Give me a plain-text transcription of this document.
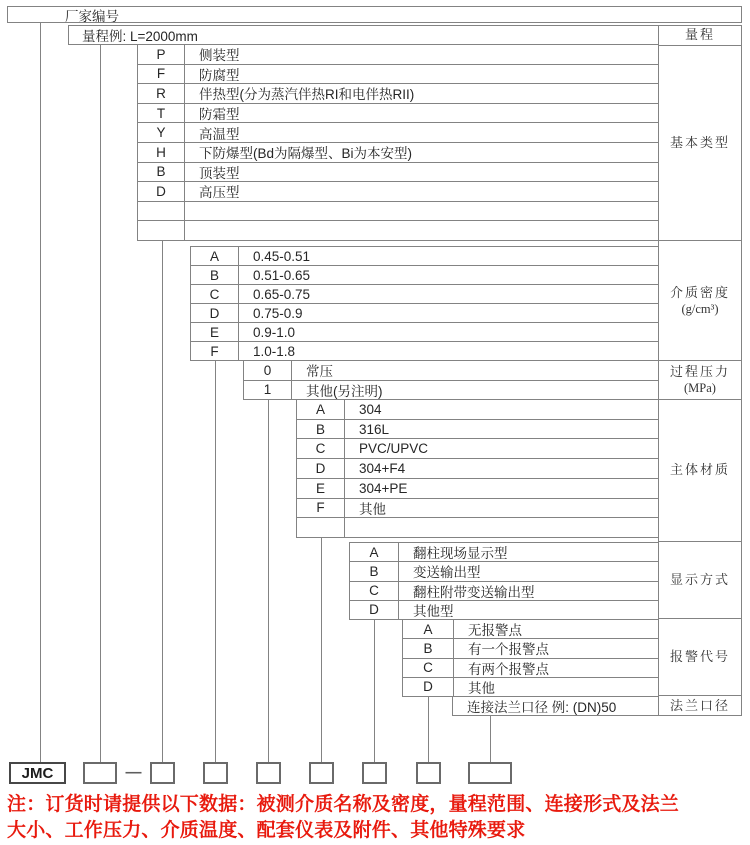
厂家编号
量程例: L=2000mm
P	侧装型
F	防腐型
R	伴热型(分为蒸汽伴热RI和电伴热RII)
T	防霜型
Y	高温型
H	下防爆型(Bd为隔爆型、Bi为本安型)
B	顶装型
D	高压型
A	0.45-0.51
B	0.51-0.65
C	0.65-0.75
D	0.75-0.9
E	0.9-1.0
F	1.0-1.8
0	常压
1	其他(另注明)
A	304
B	316L
C	PVC/UPVC
D	304+F4
E	304+PE
F	其他
A	翻柱现场显示型
B	变送输出型
C	翻柱附带变送输出型
D	其他型
A	无报警点
B	有一个报警点
C	有两个报警点
D	其他
连接法兰口径 例: (DN)50
量程
基本类型
介质密度
(g/cm³)
过程压力
(MPa)
主体材质
显示方式
报警代号
法兰口径
JMC	—
注：订货时请提供以下数据：被测介质名称及密度，量程范围、连接形式及法兰
大小、工作压力、介质温度、配套仪表及附件、其他特殊要求
